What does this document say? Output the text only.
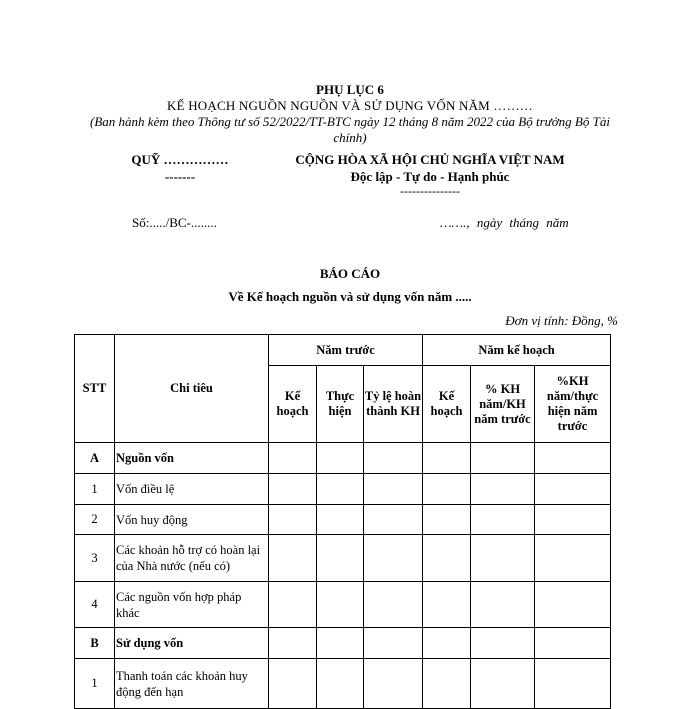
PHỤ LỤC 6
KẾ HOẠCH NGUỒN NGUỒN VÀ SỬ DỤNG VỐN NĂM ………
(Ban hành kèm theo Thông tư số 52/2022/TT-BTC ngày 12 tháng 8 năm 2022 của Bộ trưởng Bộ Tài chính)
QUỸ ……………
-------
CỘNG HÒA XÃ HỘI CHỦ NGHĨA VIỆT NAM
Độc lập - Tự do - Hạnh phúc
---------------
Số:...../BC-........	……., ngày tháng năm
BÁO CÁO
Về Kế hoạch nguồn và sử dụng vốn năm .....
Đơn vị tính: Đồng, %
STT	Chi tiêu	Năm trước			Năm kế hoạch		
		Kế hoạch	Thực hiện	Tỷ lệ hoàn thành KH	Kế hoạch	% KH năm/KH năm trước	%KH năm/thực hiện năm trước
A	Nguồn vốn						
1	Vốn điều lệ						
2	Vốn huy động						
3	Các khoản hỗ trợ có hoàn lại của Nhà nước (nếu có)						
4	Các nguồn vốn hợp pháp khác						
B	Sử dụng vốn						
1	Thanh toán các khoản huy động đến hạn						
